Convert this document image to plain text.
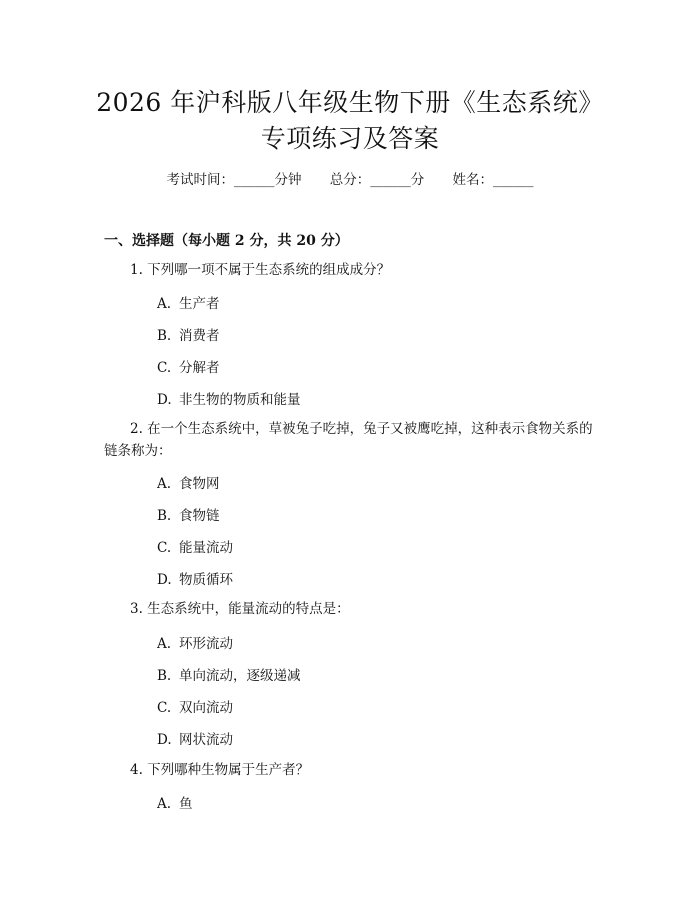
2026 年沪科版八年级生物下册《生态系统》
专项练习及答案
考试时间：______分钟 总分：______分 姓名：______
一、选择题（每小题 2 分，共 20 分）
1. 下列哪一项不属于生态系统的组成成分？
A. 生产者
B. 消费者
C. 分解者
D. 非生物的物质和能量
2. 在一个生态系统中，草被兔子吃掉，兔子又被鹰吃掉，这种表示食物关系的链条称为：
A. 食物网
B. 食物链
C. 能量流动
D. 物质循环
3. 生态系统中，能量流动的特点是：
A. 环形流动
B. 单向流动，逐级递减
C. 双向流动
D. 网状流动
4. 下列哪种生物属于生产者？
A. 鱼
